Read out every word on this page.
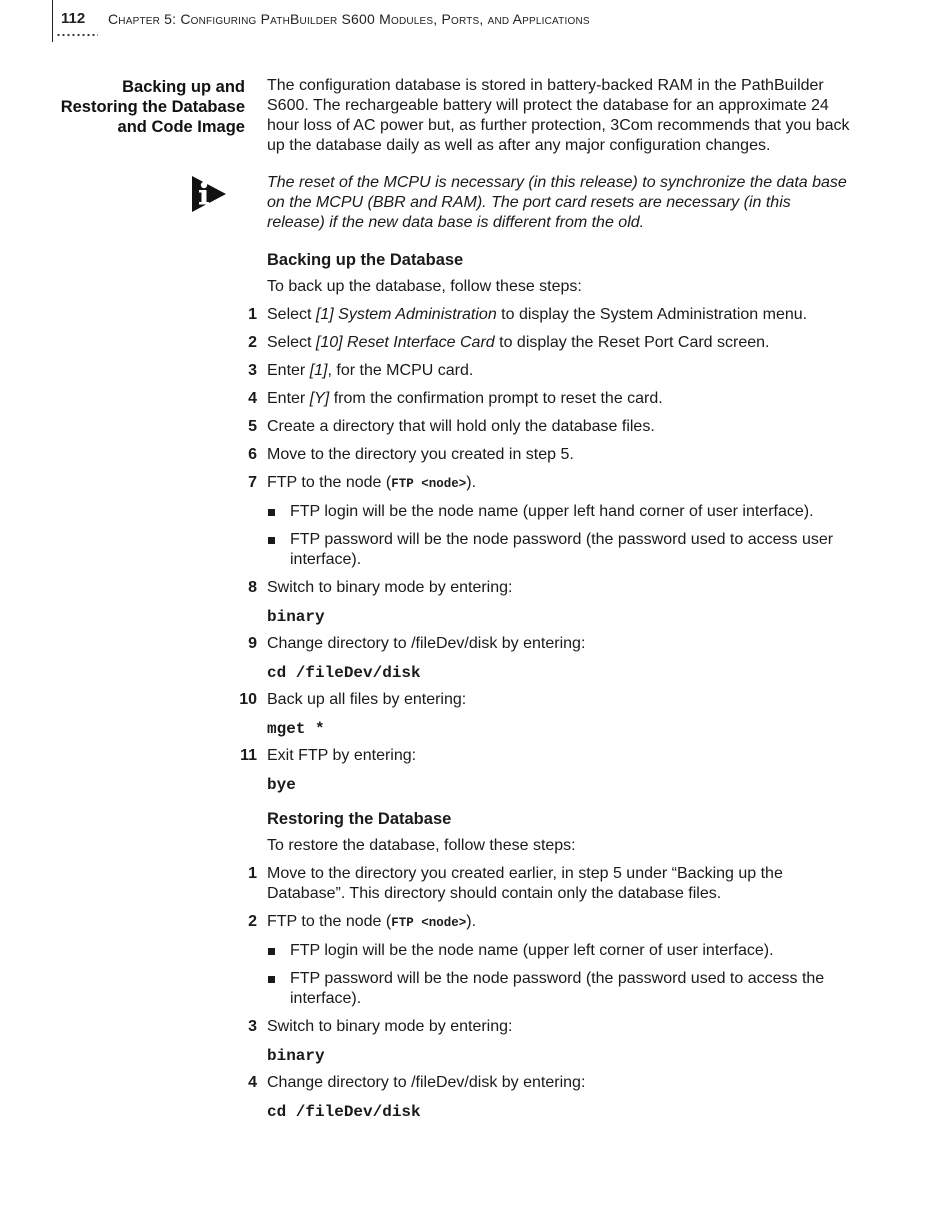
112 Chapter 5: Configuring PathBuilder S600 Modules, Ports, and Applications
Backing up and
Restoring the Database
and Code Image

The configuration database is stored in battery-backed RAM in the PathBuilder S600. The rechargeable battery will protect the database for an approximate 24 hour loss of AC power but, as further protection, 3Com recommends that you back up the database daily as well as after any major configuration changes.

The reset of the MCPU is necessary (in this release) to synchronize the data base on the MCPU (BBR and RAM). The port card resets are necessary (in this release) if the new data base is different from the old.

Backing up the Database

To back up the database, follow these steps:

1 Select [1] System Administration to display the System Administration menu.
2 Select [10] Reset Interface Card to display the Reset Port Card screen.
3 Enter [1], for the MCPU card.
4 Enter [Y] from the confirmation prompt to reset the card.
5 Create a directory that will hold only the database files.
6 Move to the directory you created in step 5.
7 FTP to the node (FTP <node>).
FTP login will be the node name (upper left hand corner of user interface).
FTP password will be the node password (the password used to access user interface).
8 Switch to binary mode by entering:

binary

9 Change directory to /fileDev/disk by entering:

cd /fileDev/disk

10 Back up all files by entering:

mget *

11 Exit FTP by entering:

bye

Restoring the Database

To restore the database, follow these steps:

1 Move to the directory you created earlier, in step 5 under “Backing up the Database”. This directory should contain only the database files.
2 FTP to the node (FTP <node>).
FTP login will be the node name (upper left corner of user interface).
FTP password will be the node password (the password used to access the interface).
3 Switch to binary mode by entering:

binary

4 Change directory to /fileDev/disk by entering:

cd /fileDev/disk
